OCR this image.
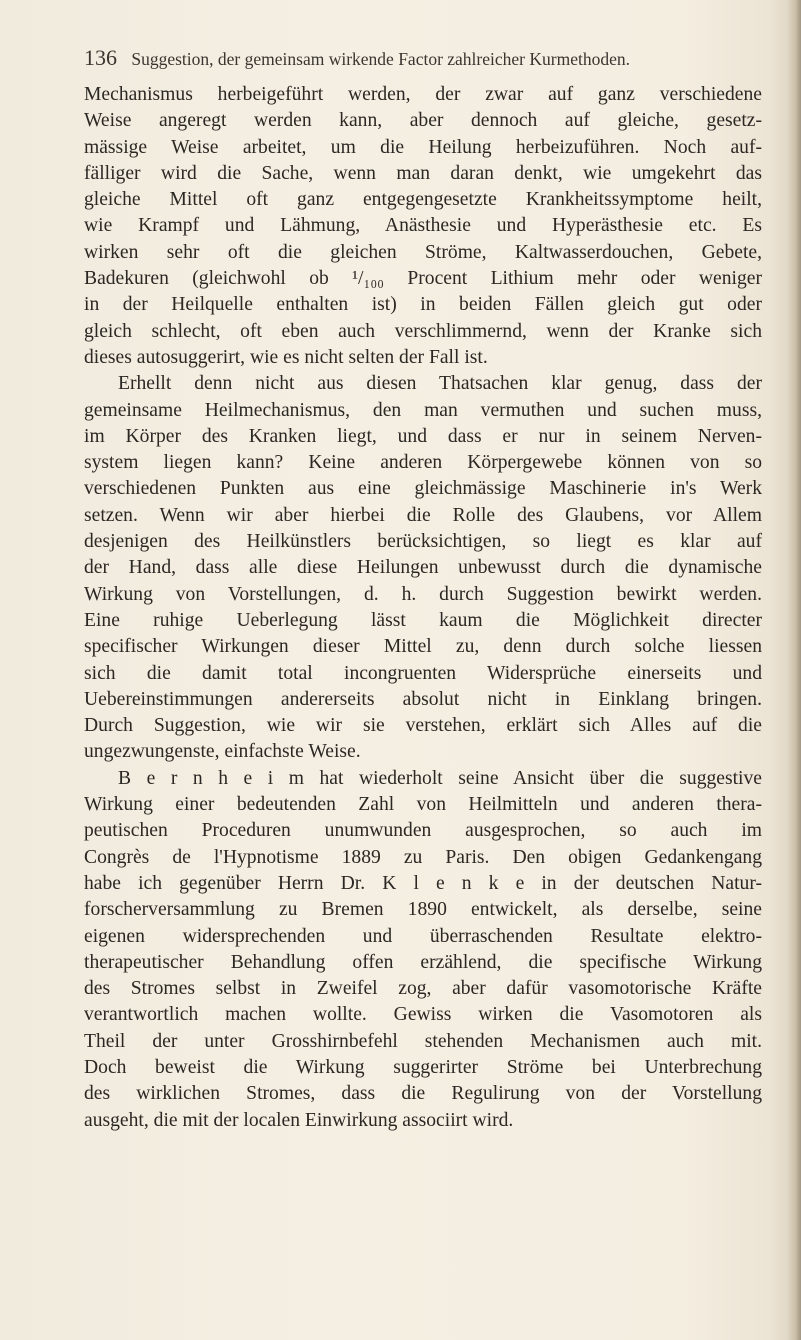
136 Suggestion, der gemeinsam wirkende Factor zahlreicher Kurmethoden.
Mechanismus herbeigeführt werden, der zwar auf ganz verschiedene
Weise angeregt werden kann, aber dennoch auf gleiche, gesetz-
mässige Weise arbeitet, um die Heilung herbeizuführen. Noch auf-
fälliger wird die Sache, wenn man daran denkt, wie umgekehrt das
gleiche Mittel oft ganz entgegengesetzte Krankheitssymptome heilt,
wie Krampf und Lähmung, Anästhesie und Hyperästhesie etc. Es
wirken sehr oft die gleichen Ströme, Kaltwasserdouchen, Gebete,
Badekuren (gleichwohl ob ¹/₁₀₀ Procent Lithium mehr oder weniger
in der Heilquelle enthalten ist) in beiden Fällen gleich gut oder
gleich schlecht, oft eben auch verschlimmernd, wenn der Kranke sich
dieses autosuggerirt, wie es nicht selten der Fall ist.
Erhellt denn nicht aus diesen Thatsachen klar genug, dass der
gemeinsame Heilmechanismus, den man vermuthen und suchen muss,
im Körper des Kranken liegt, und dass er nur in seinem Nerven-
system liegen kann? Keine anderen Körpergewebe können von so
verschiedenen Punkten aus eine gleichmässige Maschinerie in's Werk
setzen. Wenn wir aber hierbei die Rolle des Glaubens, vor Allem
desjenigen des Heilkünstlers berücksichtigen, so liegt es klar auf
der Hand, dass alle diese Heilungen unbewusst durch die dynamische
Wirkung von Vorstellungen, d. h. durch Suggestion bewirkt werden.
Eine ruhige Ueberlegung lässt kaum die Möglichkeit directer
specifischer Wirkungen dieser Mittel zu, denn durch solche liessen
sich die damit total incongruenten Widersprüche einerseits und
Uebereinstimmungen andererseits absolut nicht in Einklang bringen.
Durch Suggestion, wie wir sie verstehen, erklärt sich Alles auf die
ungezwungenste, einfachste Weise.
B e r n h e i m hat wiederholt seine Ansicht über die suggestive
Wirkung einer bedeutenden Zahl von Heilmitteln und anderen thera-
peutischen Proceduren unumwunden ausgesprochen, so auch im
Congrès de l'Hypnotisme 1889 zu Paris. Den obigen Gedankengang
habe ich gegenüber Herrn Dr. K l e n k e in der deutschen Natur-
forscherversammlung zu Bremen 1890 entwickelt, als derselbe, seine
eigenen widersprechenden und überraschenden Resultate elektro-
therapeutischer Behandlung offen erzählend, die specifische Wirkung
des Stromes selbst in Zweifel zog, aber dafür vasomotorische Kräfte
verantwortlich machen wollte. Gewiss wirken die Vasomotoren als
Theil der unter Grosshirnbefehl stehenden Mechanismen auch mit.
Doch beweist die Wirkung suggerirter Ströme bei Unterbrechung
des wirklichen Stromes, dass die Regulirung von der Vorstellung
ausgeht, die mit der localen Einwirkung associirt wird.
